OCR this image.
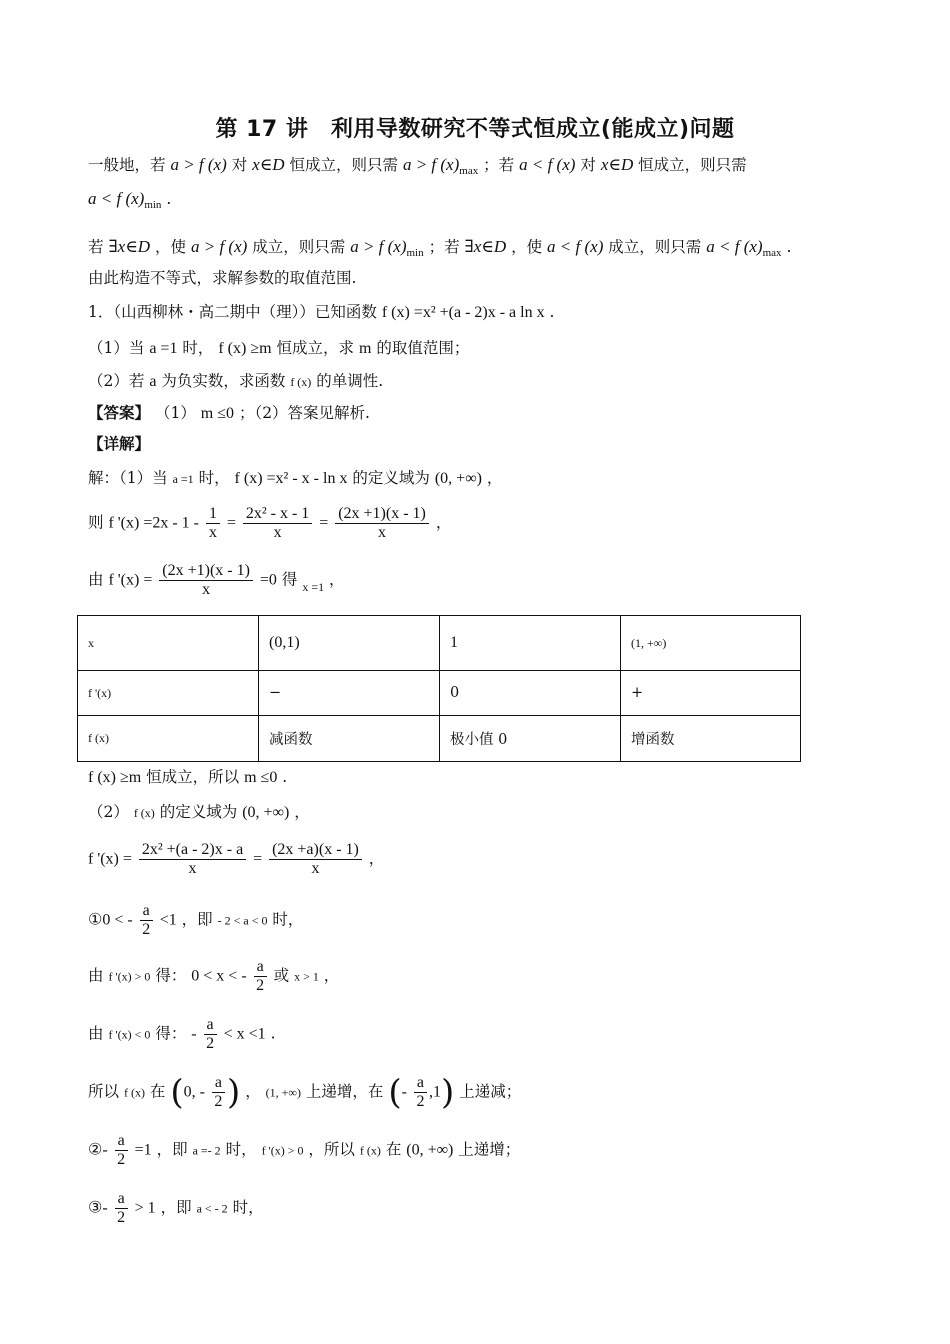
第 17 讲　利用导数研究不等式恒成立(能成立)问题
一般地，若 a > f (x) 对 x∈D 恒成立，则只需 a > f $(x)_{max}$ ；若 a < f (x) 对 x∈D 恒成立，则只需
a < f $(x)_{min}$ .
若 ∃x∈D ，使 a > f (x) 成立，则只需 a > f $(x)_{min}$ ；若 ∃x∈D ，使 a < f (x) 成立，则只需 a < f $(x)_{max}$ .
由此构造不等式，求解参数的取值范围.
1．（山西柳林・高二期中（理））已知函数 f (x) =x² +(a - 2)x - a ln x .
（1）当 a =1 时， f (x) ≥m 恒成立，求 m 的取值范围；
（2）若 a 为负实数，求函数 f (x) 的单调性.
【答案】 （1） m ≤0 ；（2）答案见解析.
【详解】
解：（1）当 a =1 时， f (x) =x² - x - ln x 的定义域为 (0, +∞) ，
则 f '$(x) =2x - 1 - \frac{1}{x} = \frac{\text{2x² - x - 1}}{x} = \frac{(2x +1)(x - 1)}{x}$ ，
由 f '$(x) = \frac{(2x +1)(x - 1)}{x} =0$ 得 $_{x =1}$ ，
x	(0,1)	1	(1, +∞)
f '(x)	−	0	+
f (x)	减函数	极小值 0	增函数
f (x) ≥m 恒成立，所以 m ≤0 .
（2） f (x) 的定义域为 (0, +∞) ，
f '$(x) = \frac{\text{2x² +(a - 2)x - a}}{x} = \frac{(2x +a)(x - 1)}{x}$ ，
①0 < - $\frac{a}{2} <1$ ，即 - 2 < a < 0 时，
由 f '(x) > 0 得： 0 < x < - $\frac{a}{2}$ 或 x > 1 ，
由 f '(x) < 0 得： - $\frac{a}{2} < x <1$ .
所以 f (x) 在 (0, - $\frac{a}{2}$ ) ， (1, +∞) 上递增，在 (- $\frac{a}{2} ,1$) 上递减；
②- $\frac{a}{2} =1$ ，即 a =- 2 时， f '(x) > 0 ，所以 f (x) 在 (0, +∞) 上递增；
③- $\frac{a}{2} > 1$ ，即 a < - 2 时，
